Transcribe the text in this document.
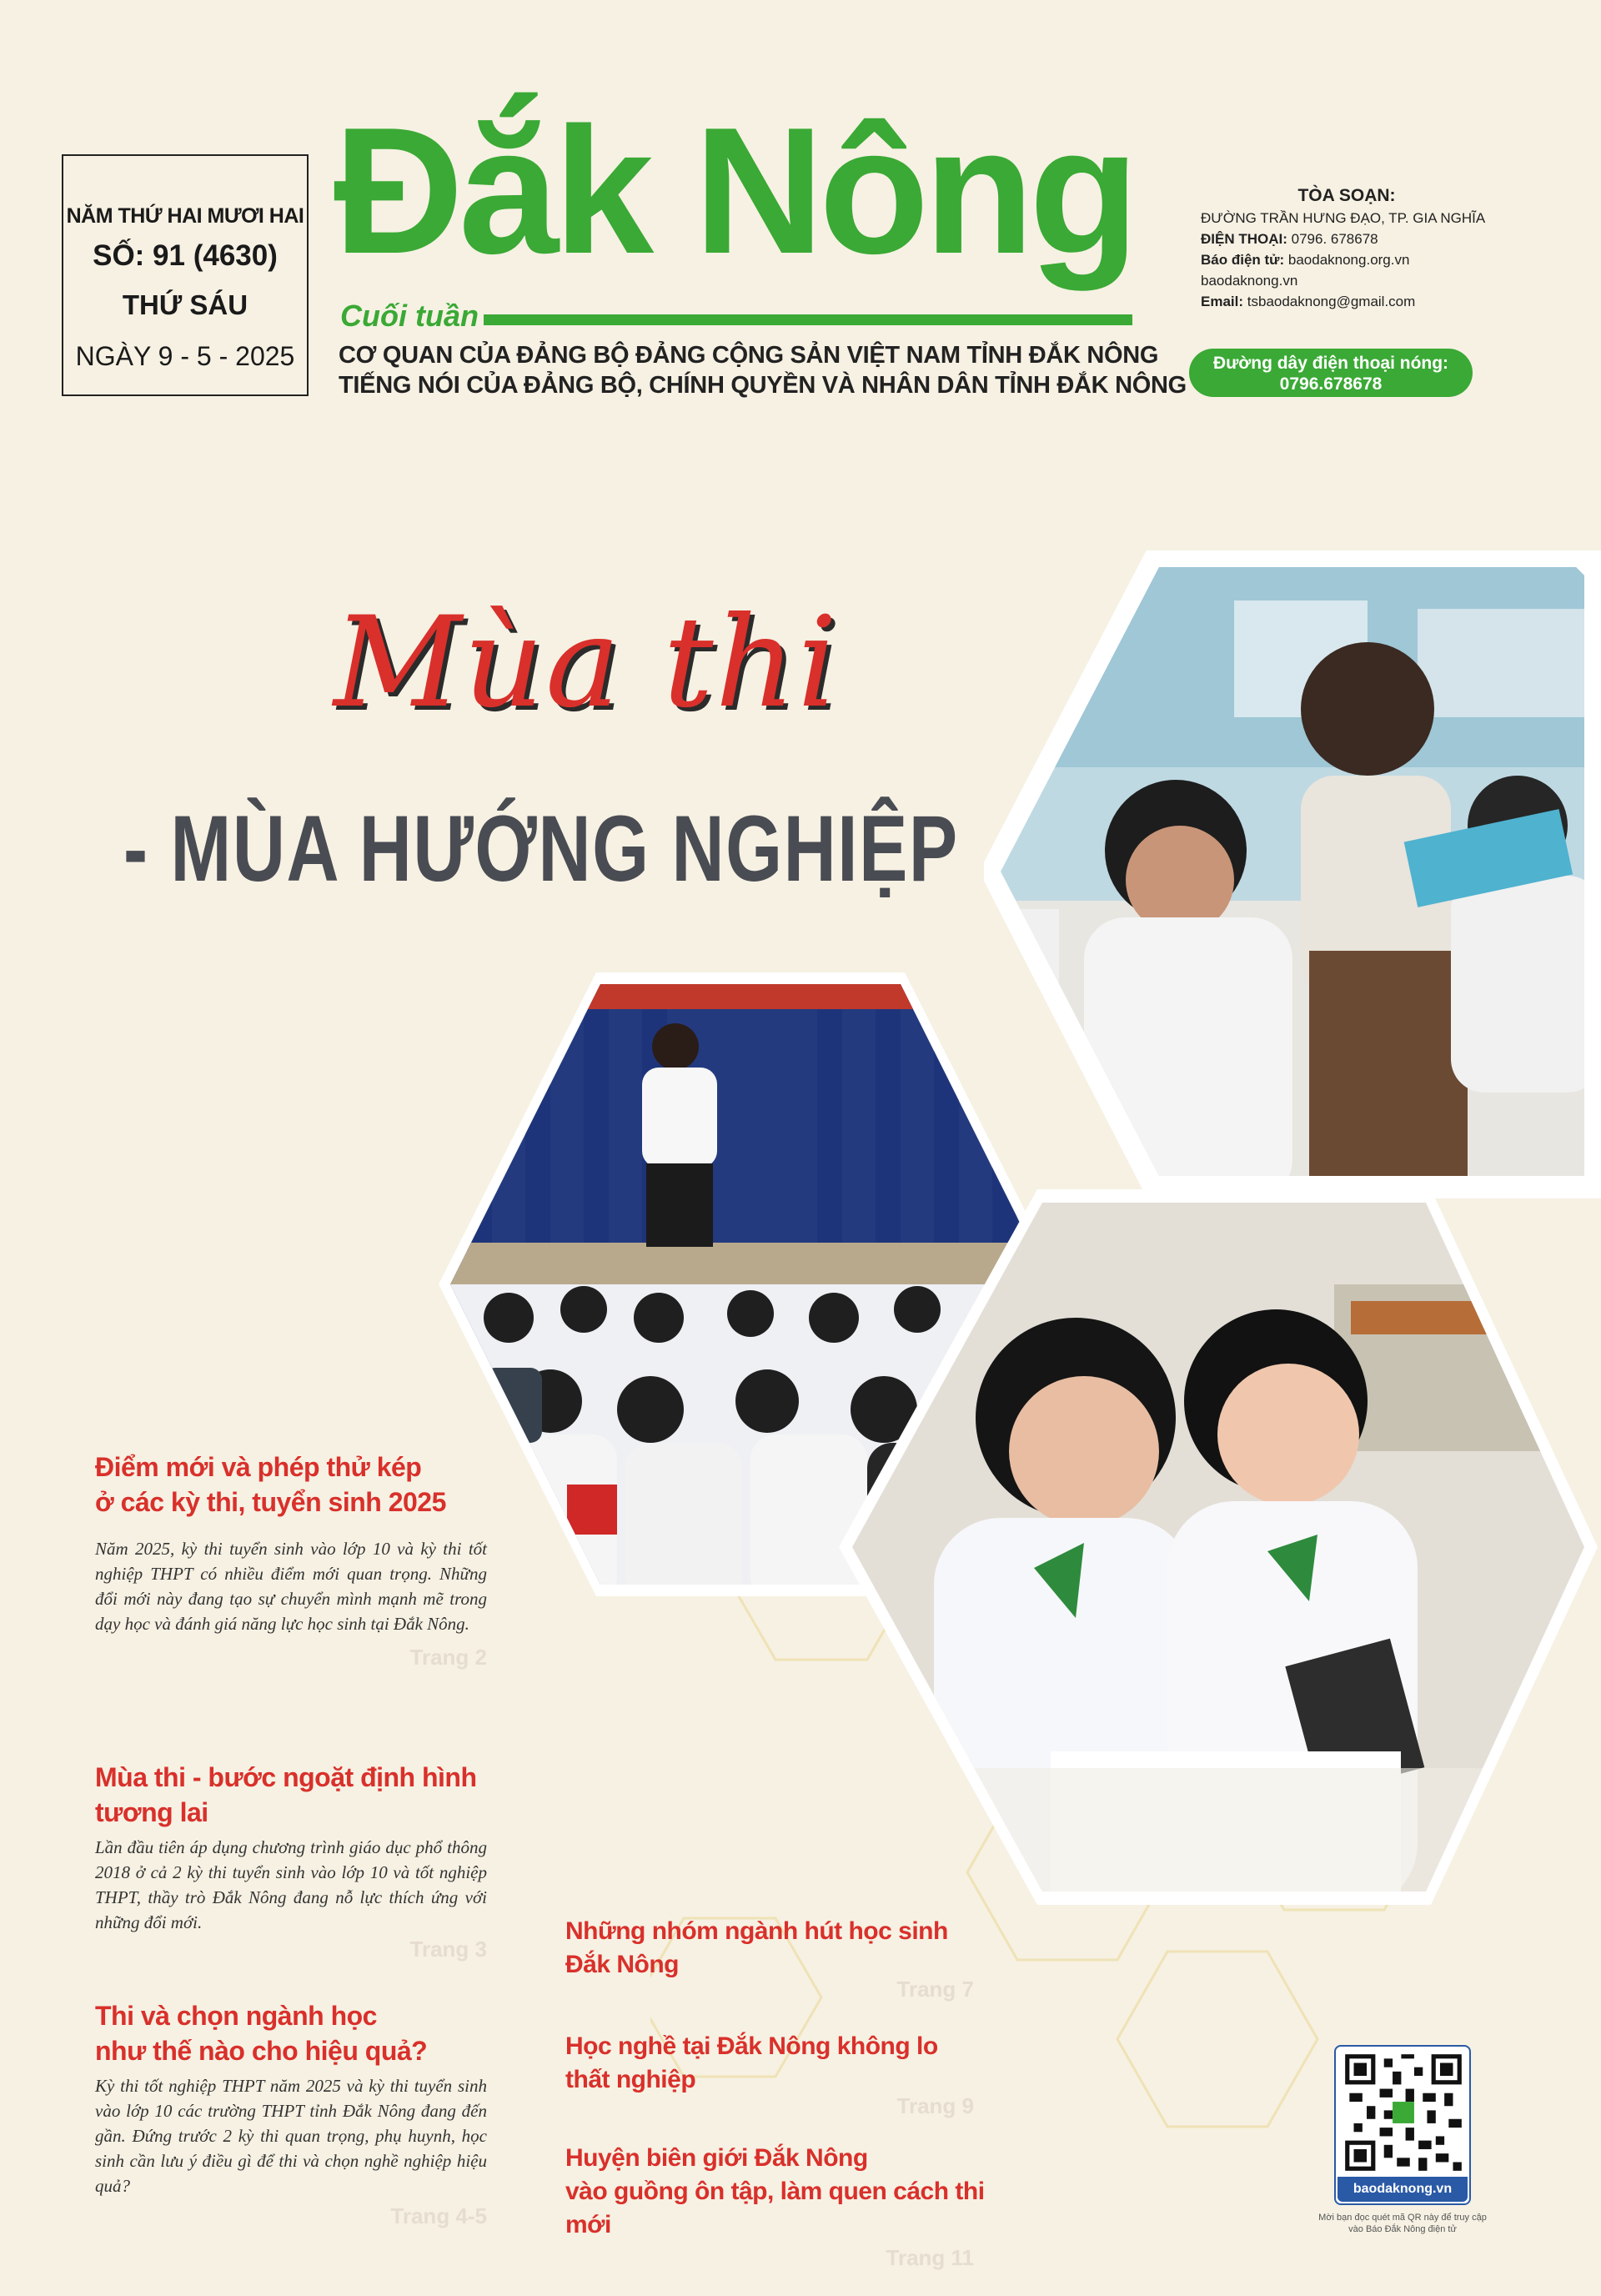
NĂM THỨ HAI MƯƠI HAI
SỐ: 91 (4630)
THỨ SÁU
NGÀY 9 - 5 - 2025
Đắk Nông
Cuối tuần
CƠ QUAN CỦA ĐẢNG BỘ ĐẢNG CỘNG SẢN VIỆT NAM TỈNH ĐẮK NÔNG
TIẾNG NÓI CỦA ĐẢNG BỘ, CHÍNH QUYỀN VÀ NHÂN DÂN TỈNH ĐẮK NÔNG
TÒA SOẠN:
ĐƯỜNG TRẦN HƯNG ĐẠO, TP. GIA NGHĨA
ĐIỆN THOẠI: 0796. 678678
Báo điện tử: baodaknong.org.vn
baodaknong.vn
Email: tsbaodaknong@gmail.com
Đường dây điện thoại nóng:
0796.678678
Mùa thi
- MÙA HƯỚNG NGHIỆP
Điểm mới và phép thử kép
ở các kỳ thi, tuyển sinh 2025
Năm 2025, kỳ thi tuyển sinh vào lớp 10 và kỳ thi tốt nghiệp THPT có nhiều điểm mới quan trọng. Những đổi mới này đang tạo sự chuyển mình mạnh mẽ trong dạy học và đánh giá năng lực học sinh tại Đắk Nông.
Trang 2
Mùa thi - bước ngoặt định hình
tương lai
Lần đầu tiên áp dụng chương trình giáo dục phổ thông 2018 ở cả 2 kỳ thi tuyển sinh vào lớp 10 và tốt nghiệp THPT, thầy trò Đắk Nông đang nỗ lực thích ứng với những đổi mới.
Trang 3
Thi và chọn ngành học
như thế nào cho hiệu quả?
Kỳ thi tốt nghiệp THPT năm 2025 và kỳ thi tuyển sinh vào lớp 10 các trường THPT tỉnh Đắk Nông đang đến gần. Đứng trước 2 kỳ thi quan trọng, phụ huynh, học sinh cần lưu ý điều gì để thi và chọn nghề nghiệp hiệu quả?
Trang 4-5
Những nhóm ngành hút học sinh
Đắk Nông
Trang 7
Học nghề tại Đắk Nông không lo
thất nghiệp
Trang 9
Huyện biên giới Đắk Nông
vào guồng ôn tập, làm quen cách thi mới
Trang 11
baodaknong.vn
Mời bạn đọc quét mã QR này để truy cập vào Báo Đắk Nông điện tử
